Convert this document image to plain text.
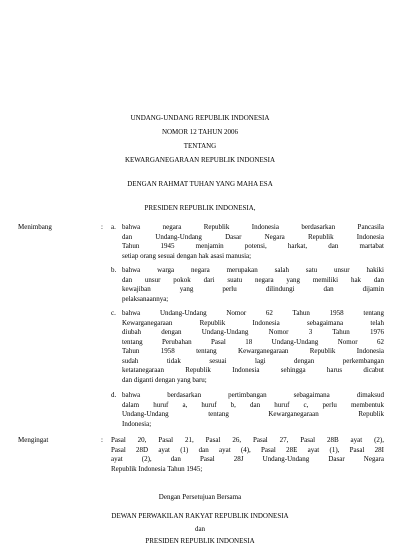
UNDANG-UNDANG REPUBLIK INDONESIA
NOMOR 12 TAHUN 2006
TENTANG
KEWARGANEGARAAN REPUBLIK INDONESIA
DENGAN RAHMAT TUHAN YANG MAHA ESA
PRESIDEN REPUBLIK INDONESIA,
Menimbang	: a. bahwa negara Republik Indonesia berdasarkan Pancasila
dan Undang-Undang Dasar Negara Republik Indonesia
Tahun 1945 menjamin potensi, harkat, dan martabat
setiap orang sesuai dengan hak asasi manusia;
b. bahwa warga negara merupakan salah satu unsur hakiki
dan unsur pokok dari suatu negara yang memiliki hak dan
kewajiban yang perlu dilindungi dan dijamin
pelaksanaannya;
c. bahwa Undang-Undang Nomor 62 Tahun 1958 tentang
Kewarganegaraan Republik Indonesia sebagaimana telah
diubah dengan Undang-Undang Nomor 3 Tahun 1976
tentang Perubahan Pasal 18 Undang-Undang Nomor 62
Tahun 1958 tentang Kewarganegaraan Republik Indonesia
sudah tidak sesuai lagi dengan perkembangan
ketatanegaraan Republik Indonesia sehingga harus dicabut
dan diganti dengan yang baru;
d. bahwa berdasarkan pertimbangan sebagaimana dimaksud
dalam huruf a, huruf b, dan huruf c, perlu membentuk
Undang-Undang tentang Kewarganegaraan Republik
Indonesia;
Mengingat	: Pasal 20, Pasal 21, Pasal 26, Pasal 27, Pasal 28B ayat (2),
Pasal 28D ayat (1) dan ayat (4), Pasal 28E ayat (1), Pasal 28I
ayat (2), dan Pasal 28J Undang-Undang Dasar Negara
Republik Indonesia Tahun 1945;
Dengan Persetujuan Bersama
DEWAN PERWAKILAN RAKYAT REPUBLIK INDONESIA
dan
PRESIDEN REPUBLIK INDONESIA
